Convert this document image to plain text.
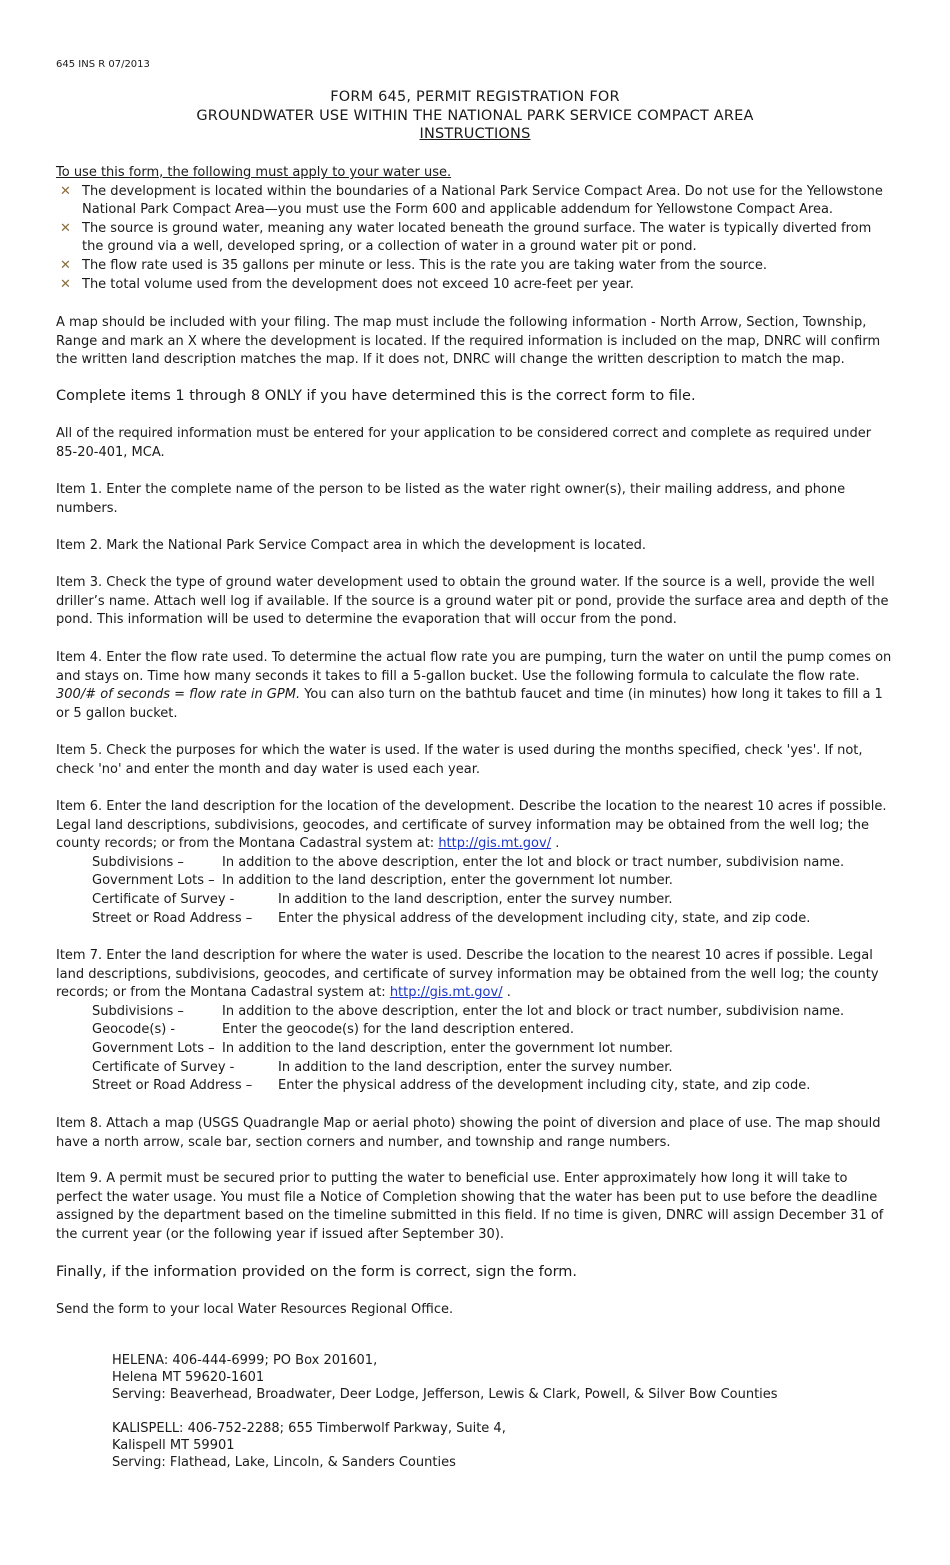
645 INS R 07/2013
FORM 645, PERMIT REGISTRATION FOR
GROUNDWATER USE WITHIN THE NATIONAL PARK SERVICE COMPACT AREA
INSTRUCTIONS
To use this form, the following must apply to your water use.
✕ The development is located within the boundaries of a National Park Service Compact Area. Do not use for the Yellowstone National Park Compact Area—you must use the Form 600 and applicable addendum for Yellowstone Compact Area.
✕ The source is ground water, meaning any water located beneath the ground surface. The water is typically diverted from the ground via a well, developed spring, or a collection of water in a ground water pit or pond.
✕ The flow rate used is 35 gallons per minute or less. This is the rate you are taking water from the source.
✕ The total volume used from the development does not exceed 10 acre-feet per year.
A map should be included with your filing. The map must include the following information - North Arrow, Section, Township, Range and mark an X where the development is located. If the required information is included on the map, DNRC will confirm the written land description matches the map. If it does not, DNRC will change the written description to match the map.
Complete items 1 through 8 ONLY if you have determined this is the correct form to file.
All of the required information must be entered for your application to be considered correct and complete as required under 85-20-401, MCA.
Item 1. Enter the complete name of the person to be listed as the water right owner(s), their mailing address, and phone numbers.
Item 2. Mark the National Park Service Compact area in which the development is located.
Item 3. Check the type of ground water development used to obtain the ground water. If the source is a well, provide the well driller’s name. Attach well log if available. If the source is a ground water pit or pond, provide the surface area and depth of the pond. This information will be used to determine the evaporation that will occur from the pond.
Item 4. Enter the flow rate used. To determine the actual flow rate you are pumping, turn the water on until the pump comes on and stays on. Time how many seconds it takes to fill a 5-gallon bucket. Use the following formula to calculate the flow rate. 300/# of seconds = flow rate in GPM. You can also turn on the bathtub faucet and time (in minutes) how long it takes to fill a 1 or 5 gallon bucket.
Item 5. Check the purposes for which the water is used. If the water is used during the months specified, check 'yes'. If not, check 'no' and enter the month and day water is used each year.
Item 6. Enter the land description for the location of the development. Describe the location to the nearest 10 acres if possible. Legal land descriptions, subdivisions, geocodes, and certificate of survey information may be obtained from the well log; the county records; or from the Montana Cadastral system at: http://gis.mt.gov/ .
Subdivisions –	In addition to the above description, enter the lot and block or tract number, subdivision name.
Government Lots – In addition to the land description, enter the government lot number.
Certificate of Survey -	In addition to the land description, enter the survey number.
Street or Road Address –	Enter the physical address of the development including city, state, and zip code.
Item 7. Enter the land description for where the water is used. Describe the location to the nearest 10 acres if possible. Legal land descriptions, subdivisions, geocodes, and certificate of survey information may be obtained from the well log; the county records; or from the Montana Cadastral system at: http://gis.mt.gov/ .
Subdivisions –	In addition to the above description, enter the lot and block or tract number, subdivision name.
Geocode(s) -	Enter the geocode(s) for the land description entered.
Government Lots – In addition to the land description, enter the government lot number.
Certificate of Survey -	In addition to the land description, enter the survey number.
Street or Road Address –	Enter the physical address of the development including city, state, and zip code.
Item 8. Attach a map (USGS Quadrangle Map or aerial photo) showing the point of diversion and place of use. The map should have a north arrow, scale bar, section corners and number, and township and range numbers.
Item 9. A permit must be secured prior to putting the water to beneficial use. Enter approximately how long it will take to perfect the water usage. You must file a Notice of Completion showing that the water has been put to use before the deadline assigned by the department based on the timeline submitted in this field. If no time is given, DNRC will assign December 31 of the current year (or the following year if issued after September 30).
Finally, if the information provided on the form is correct, sign the form.
Send the form to your local Water Resources Regional Office.
HELENA: 406-444-6999; PO Box 201601,
Helena MT 59620-1601
Serving: Beaverhead, Broadwater, Deer Lodge, Jefferson, Lewis & Clark, Powell, & Silver Bow Counties
KALISPELL: 406-752-2288; 655 Timberwolf Parkway, Suite 4,
Kalispell MT 59901
Serving: Flathead, Lake, Lincoln, & Sanders Counties
